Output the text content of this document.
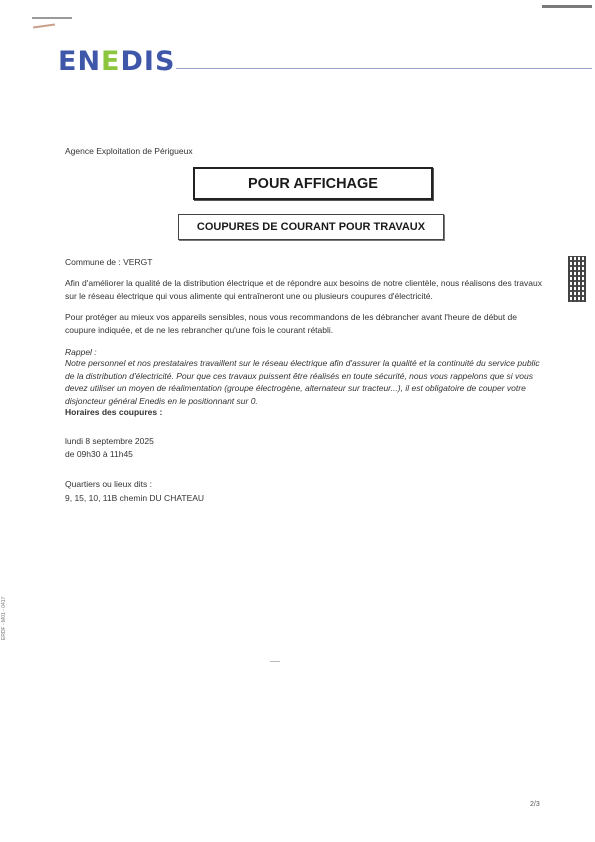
ENEDIS
Agence Exploitation de Périgueux
POUR AFFICHAGE
COUPURES DE COURANT POUR TRAVAUX
Commune de : VERGT
Afin d'améliorer la qualité de la distribution électrique et de répondre aux besoins de notre clientèle, nous réalisons des travaux sur le réseau électrique qui vous alimente qui entraîneront une ou plusieurs coupures d'électricité.
Pour protéger au mieux vos appareils sensibles, nous vous recommandons de les débrancher avant l'heure de début de coupure indiquée, et de ne les rebrancher qu'une fois le courant rétabli.
Rappel :
Notre personnel et nos prestataires travaillent sur le réseau électrique afin d'assurer la qualité et la continuité du service public de la distribution d'électricité. Pour que ces travaux puissent être réalisés en toute sécurité, nous vous rappelons que si vous devez utiliser un moyen de réalimentation (groupe électrogène, alternateur sur tracteur...), il est obligatoire de couper votre disjoncteur général Enedis en le positionnant sur 0.
Horaires des coupures :
lundi 8 septembre 2025
de 09h30 à 11h45
Quartiers ou lieux dits :
9, 15, 10, 11B chemin DU CHATEAU
ERDF - M01 - 0417
2/3
